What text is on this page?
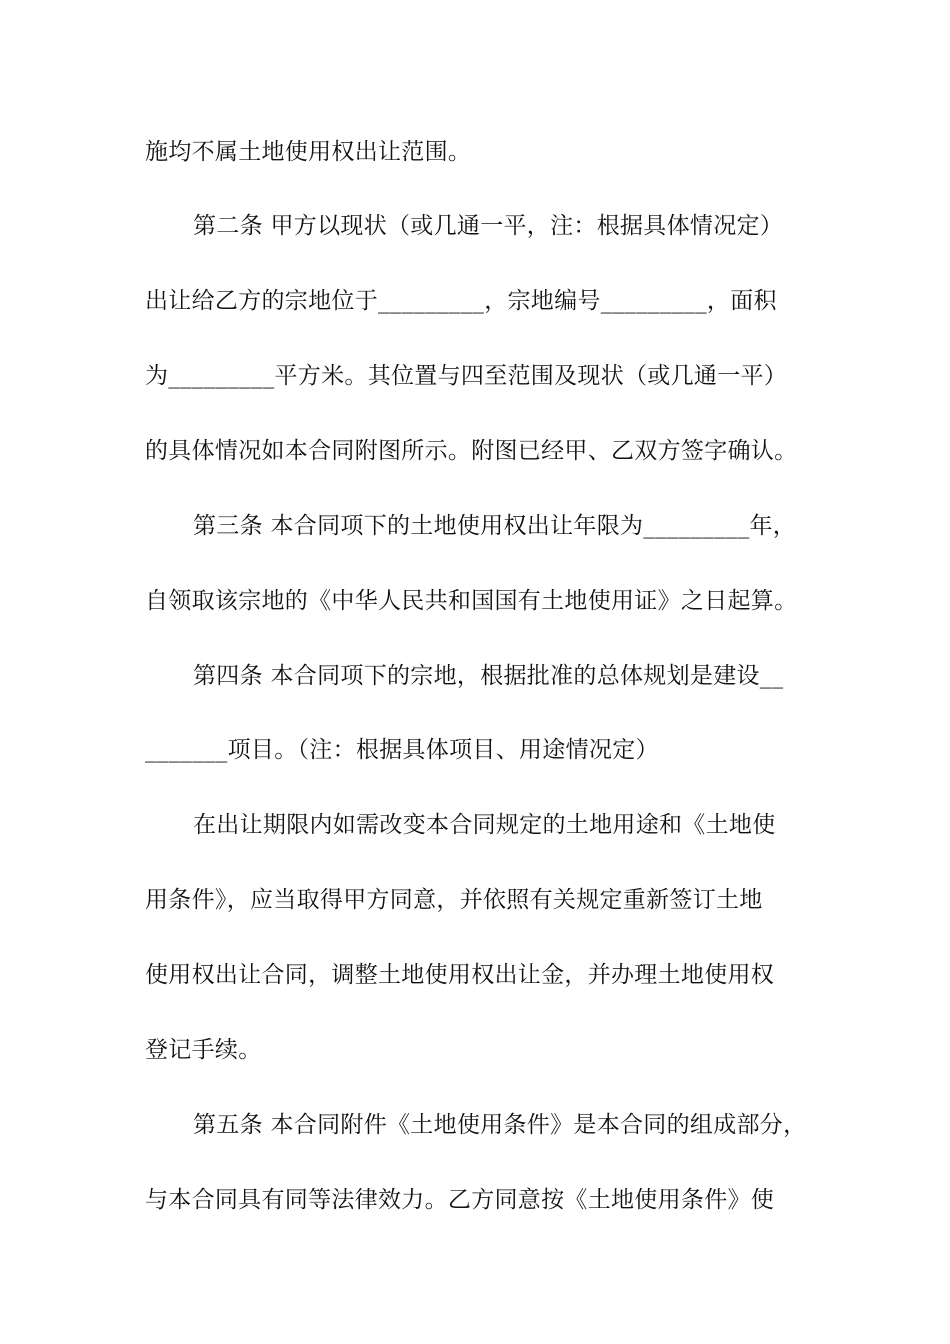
施均不属土地使用权出让范围。
第二条 甲方以现状（或几通一平，注：根据具体情况定）
出让给乙方的宗地位于_________，宗地编号_________，面积
为_________平方米。其位置与四至范围及现状（或几通一平）
的具体情况如本合同附图所示。附图已经甲、乙双方签字确认。
第三条 本合同项下的土地使用权出让年限为_________年，
自领取该宗地的《中华人民共和国国有土地使用证》之日起算。
第四条 本合同项下的宗地，根据批准的总体规划是建设__
_______项目。（注：根据具体项目、用途情况定）
在出让期限内如需改变本合同规定的土地用途和《土地使
用条件》，应当取得甲方同意，并依照有关规定重新签订土地
使用权出让合同，调整土地使用权出让金，并办理土地使用权
登记手续。
第五条 本合同附件《土地使用条件》是本合同的组成部分，
与本合同具有同等法律效力。乙方同意按《土地使用条件》使
